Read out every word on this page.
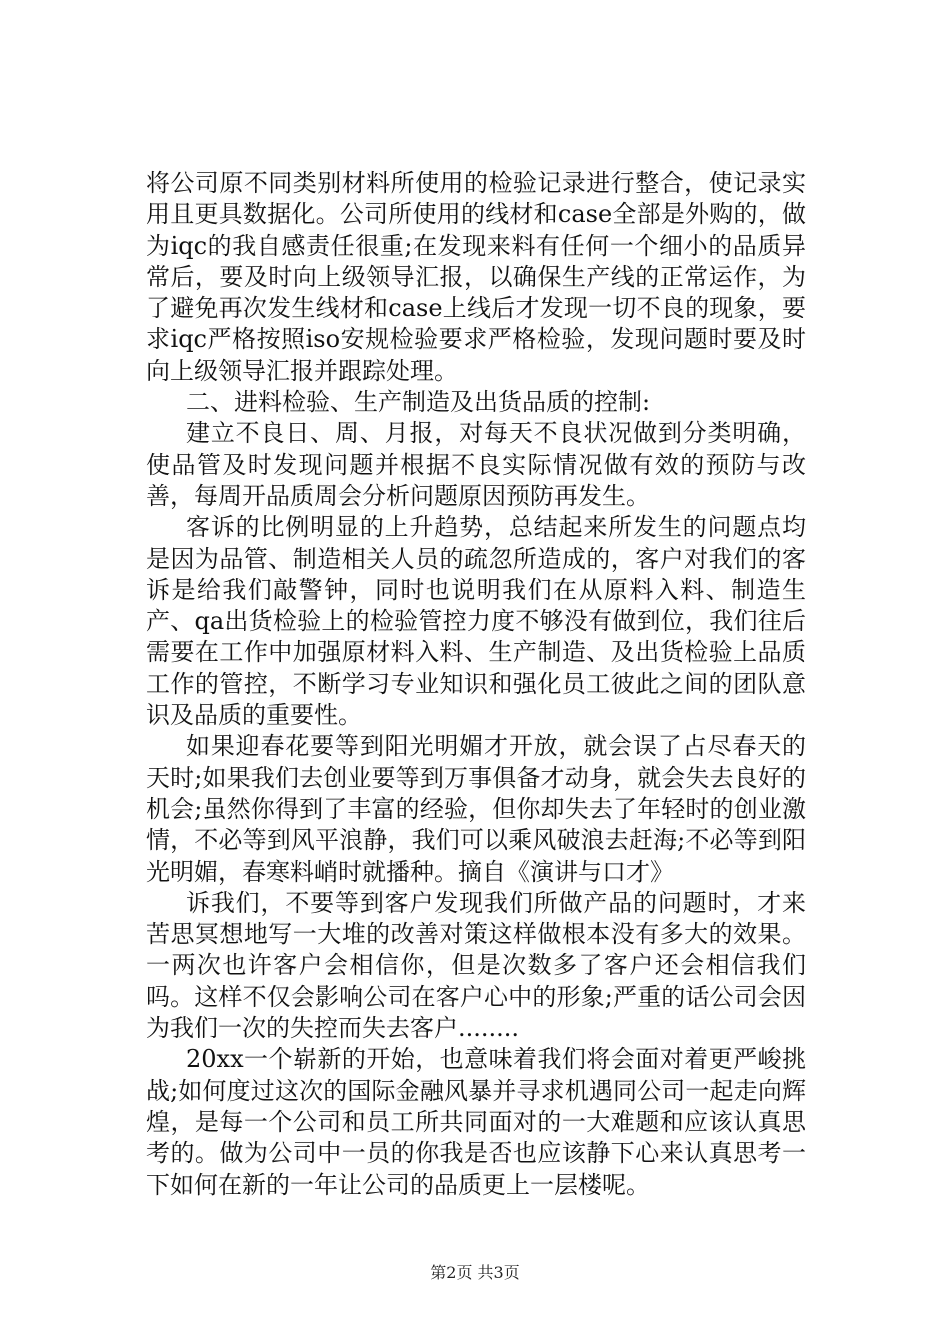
将公司原不同类别材料所使用的检验记录进行整合，使记录实用且更具数据化。公司所使用的线材和case全部是外购的，做为iqc的我自感责任很重;在发现来料有任何一个细小的品质异常后，要及时向上级领导汇报，以确保生产线的正常运作，为了避免再次发生线材和case上线后才发现一切不良的现象，要求iqc严格按照iso安规检验要求严格检验，发现问题时要及时向上级领导汇报并跟踪处理。

二、进料检验、生产制造及出货品质的控制:

建立不良日、周、月报，对每天不良状况做到分类明确，使品管及时发现问题并根据不良实际情况做有效的预防与改善，每周开品质周会分析问题原因预防再发生。

客诉的比例明显的上升趋势，总结起来所发生的问题点均是因为品管、制造相关人员的疏忽所造成的，客户对我们的客诉是给我们敲警钟，同时也说明我们在从原料入料、制造生产、qa出货检验上的检验管控力度不够没有做到位，我们往后需要在工作中加强原材料入料、生产制造、及出货检验上品质工作的管控，不断学习专业知识和强化员工彼此之间的团队意识及品质的重要性。

如果迎春花要等到阳光明媚才开放，就会误了占尽春天的天时;如果我们去创业要等到万事俱备才动身，就会失去良好的机会;虽然你得到了丰富的经验，但你却失去了年轻时的创业激情，不必等到风平浪静，我们可以乘风破浪去赶海;不必等到阳光明媚，春寒料峭时就播种。摘自《演讲与口才》

诉我们，不要等到客户发现我们所做产品的问题时，才来苦思冥想地写一大堆的改善对策这样做根本没有多大的效果。一两次也许客户会相信你，但是次数多了客户还会相信我们吗。这样不仅会影响公司在客户心中的形象;严重的话公司会因为我们一次的失控而失去客户........

20xx一个崭新的开始，也意味着我们将会面对着更严峻挑战;如何度过这次的国际金融风暴并寻求机遇同公司一起走向辉煌，是每一个公司和员工所共同面对的一大难题和应该认真思考的。做为公司中一员的你我是否也应该静下心来认真思考一下如何在新的一年让公司的品质更上一层楼呢。

第2页 共3页
